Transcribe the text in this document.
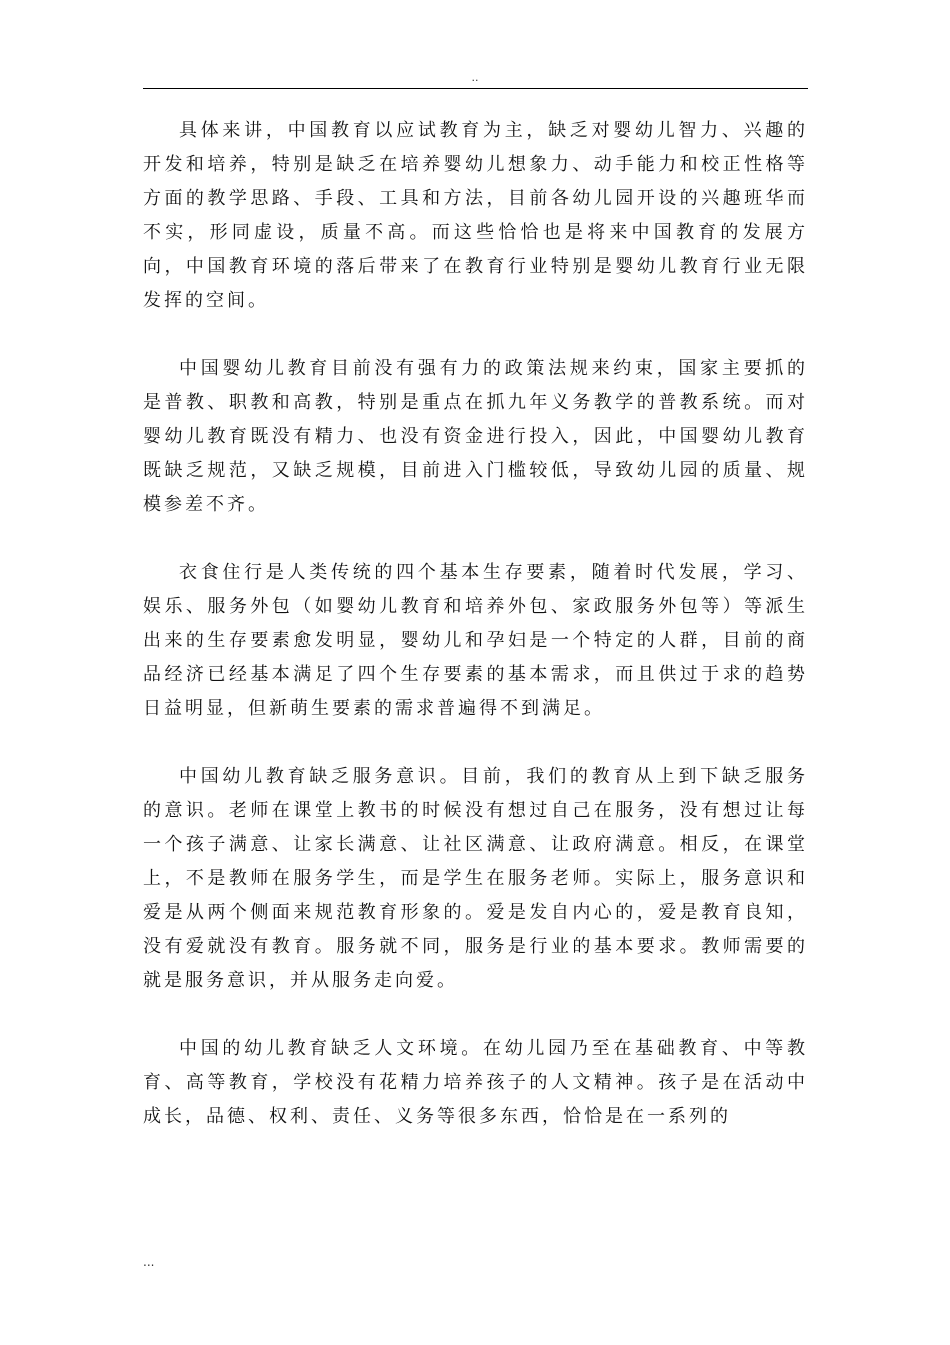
..

具体来讲，中国教育以应试教育为主，缺乏对婴幼儿智力、兴趣的开发和培养，特别是缺乏在培养婴幼儿想象力、动手能力和校正性格等方面的教学思路、手段、工具和方法，目前各幼儿园开设的兴趣班华而不实，形同虚设，质量不高。而这些恰恰也是将来中国教育的发展方向，中国教育环境的落后带来了在教育行业特别是婴幼儿教育行业无限发挥的空间。

中国婴幼儿教育目前没有强有力的政策法规来约束，国家主要抓的是普教、职教和高教，特别是重点在抓九年义务教学的普教系统。而对婴幼儿教育既没有精力、也没有资金进行投入，因此，中国婴幼儿教育既缺乏规范，又缺乏规模，目前进入门槛较低，导致幼儿园的质量、规模参差不齐。

衣食住行是人类传统的四个基本生存要素，随着时代发展，学习、娱乐、服务外包（如婴幼儿教育和培养外包、家政服务外包等）等派生出来的生存要素愈发明显，婴幼儿和孕妇是一个特定的人群，目前的商品经济已经基本满足了四个生存要素的基本需求，而且供过于求的趋势日益明显，但新萌生要素的需求普遍得不到满足。

中国幼儿教育缺乏服务意识。目前，我们的教育从上到下缺乏服务的意识。老师在课堂上教书的时候没有想过自己在服务，没有想过让每一个孩子满意、让家长满意、让社区满意、让政府满意。相反，在课堂上，不是教师在服务学生，而是学生在服务老师。实际上，服务意识和爱是从两个侧面来规范教育形象的。爱是发自内心的，爱是教育良知，没有爱就没有教育。服务就不同，服务是行业的基本要求。教师需要的就是服务意识，并从服务走向爱。

中国的幼儿教育缺乏人文环境。在幼儿园乃至在基础教育、中等教育、高等教育，学校没有花精力培养孩子的人文精神。孩子是在活动中成长，品德、权利、责任、义务等很多东西，恰恰是在一系列的

...
